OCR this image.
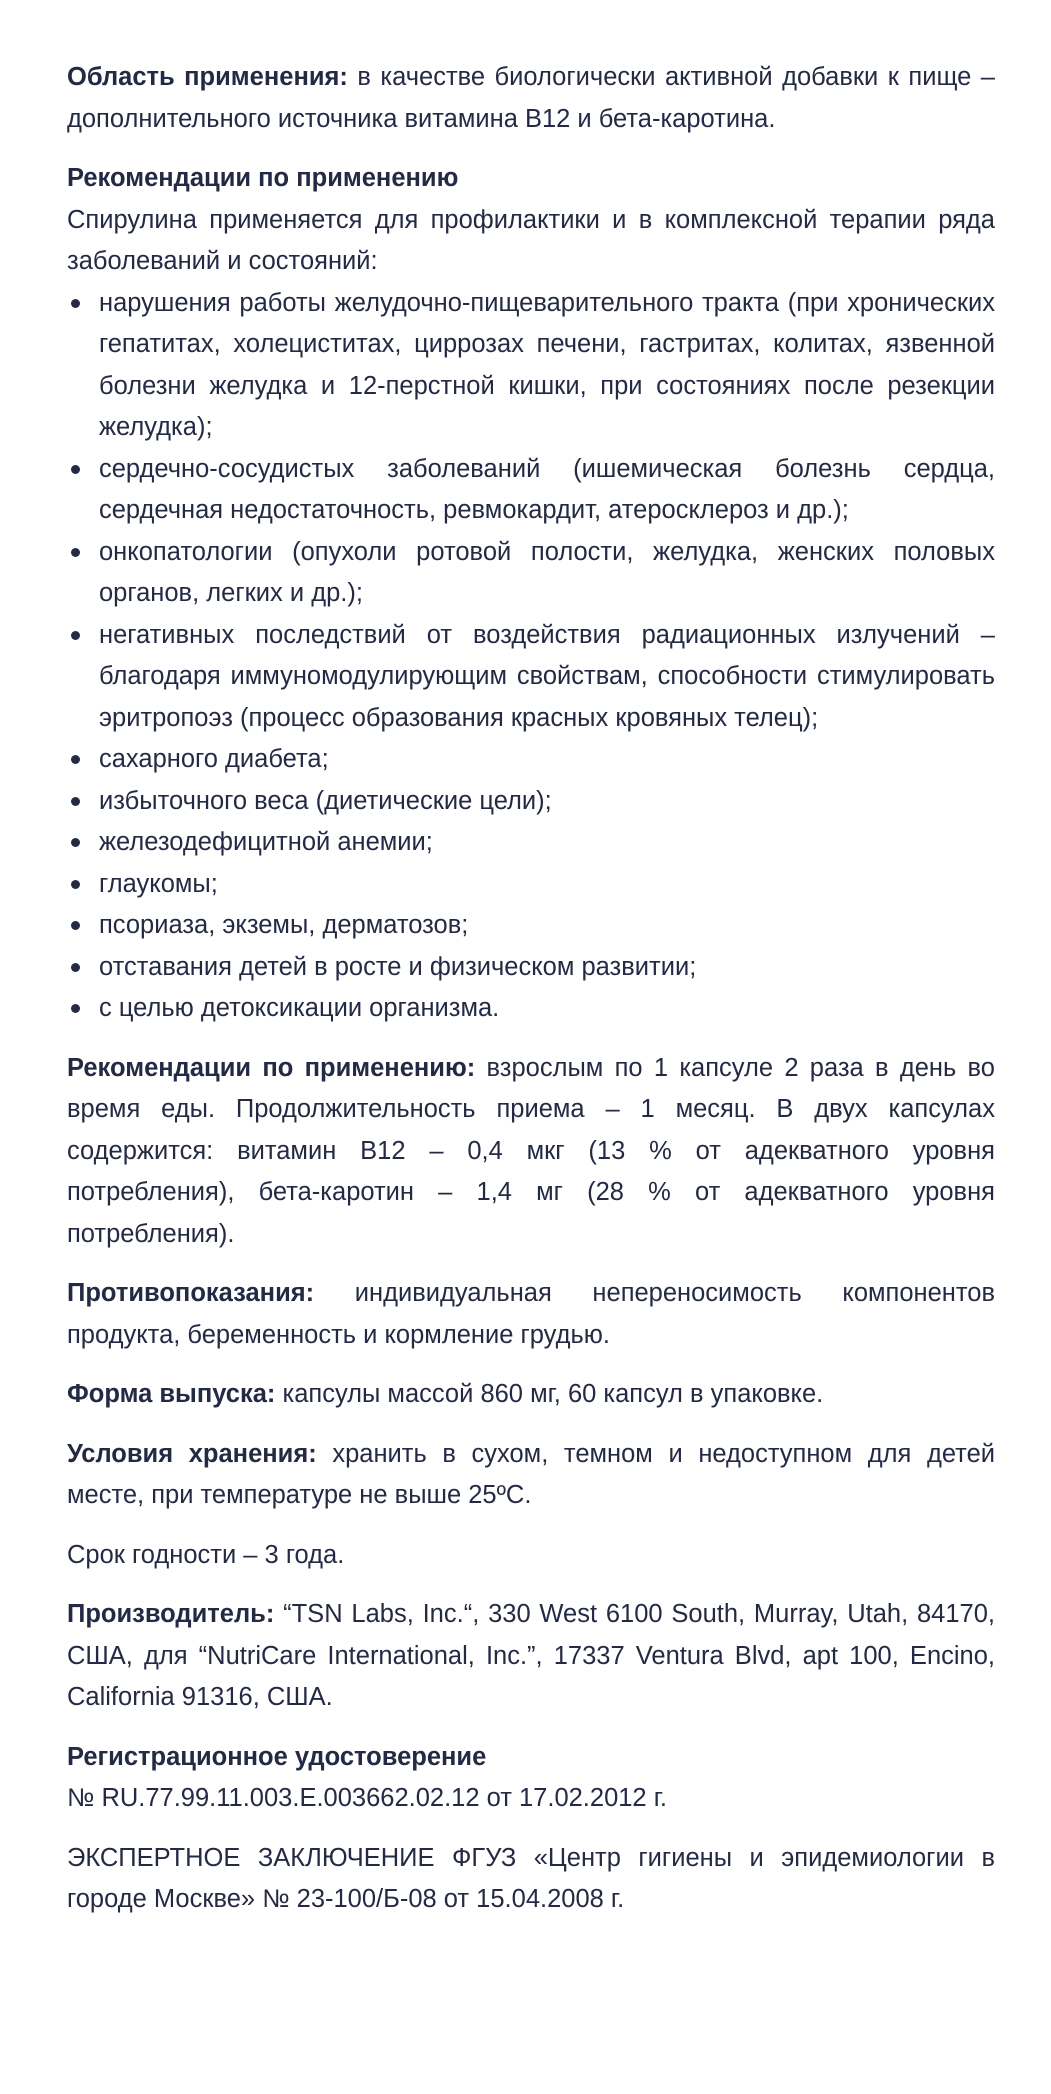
Область применения: в качестве биологически активной добавки к пище – дополнительного источника витамина В12 и бета-каротина.

Рекомендации по применению

Спирулина применяется для профилактики и в комплексной терапии ряда заболеваний и состояний:

нарушения работы желудочно-пищеварительного тракта (при хронических гепатитах, холециститах, циррозах печени, гастритах, колитах, язвенной болезни желудка и 12-перстной кишки, при состояниях после резекции желудка);
сердечно-сосудистых заболеваний (ишемическая болезнь сердца, сердечная недостаточность, ревмокардит, атеросклероз и др.);
онкопатологии (опухоли ротовой полости, желудка, женских половых органов, легких и др.);
негативных последствий от воздействия радиационных излучений – благодаря иммуномодулирующим свойствам, способности стимулировать эритропоэз (процесс образования красных кровяных телец);
сахарного диабета;
избыточного веса (диетические цели);
железодефицитной анемии;
глаукомы;
псориаза, экземы, дерматозов;
отставания детей в росте и физическом развитии;
с целью детоксикации организма.

Рекомендации по применению: взрослым по 1 капсуле 2 раза в день во время еды. Продолжительность приема – 1 месяц. В двух капсулах содержится: витамин В12 – 0,4 мкг (13 % от адекватного уровня потребления), бета-каротин – 1,4 мг (28 % от адекватного уровня потребления).

Противопоказания: индивидуальная непереносимость компонентов продукта, беременность и кормление грудью.

Форма выпуска: капсулы массой 860 мг, 60 капсул в упаковке.

Условия хранения: хранить в сухом, темном и недоступном для детей месте, при температуре не выше 25ºС.

Срок годности – 3 года.

Производитель: “TSN Labs, Inc.“, 330 West 6100 South, Murray, Utah, 84170, США, для “NutriCare International, Inc.”, 17337 Ventura Blvd, apt 100, Encino, California 91316, США.

Регистрационное удостоверение

№ RU.77.99.11.003.Е.003662.02.12 от 17.02.2012 г.

ЭКСПЕРТНОЕ ЗАКЛЮЧЕНИЕ ФГУЗ «Центр гигиены и эпидемиологии в городе Москве» № 23-100/Б-08 от 15.04.2008 г.
